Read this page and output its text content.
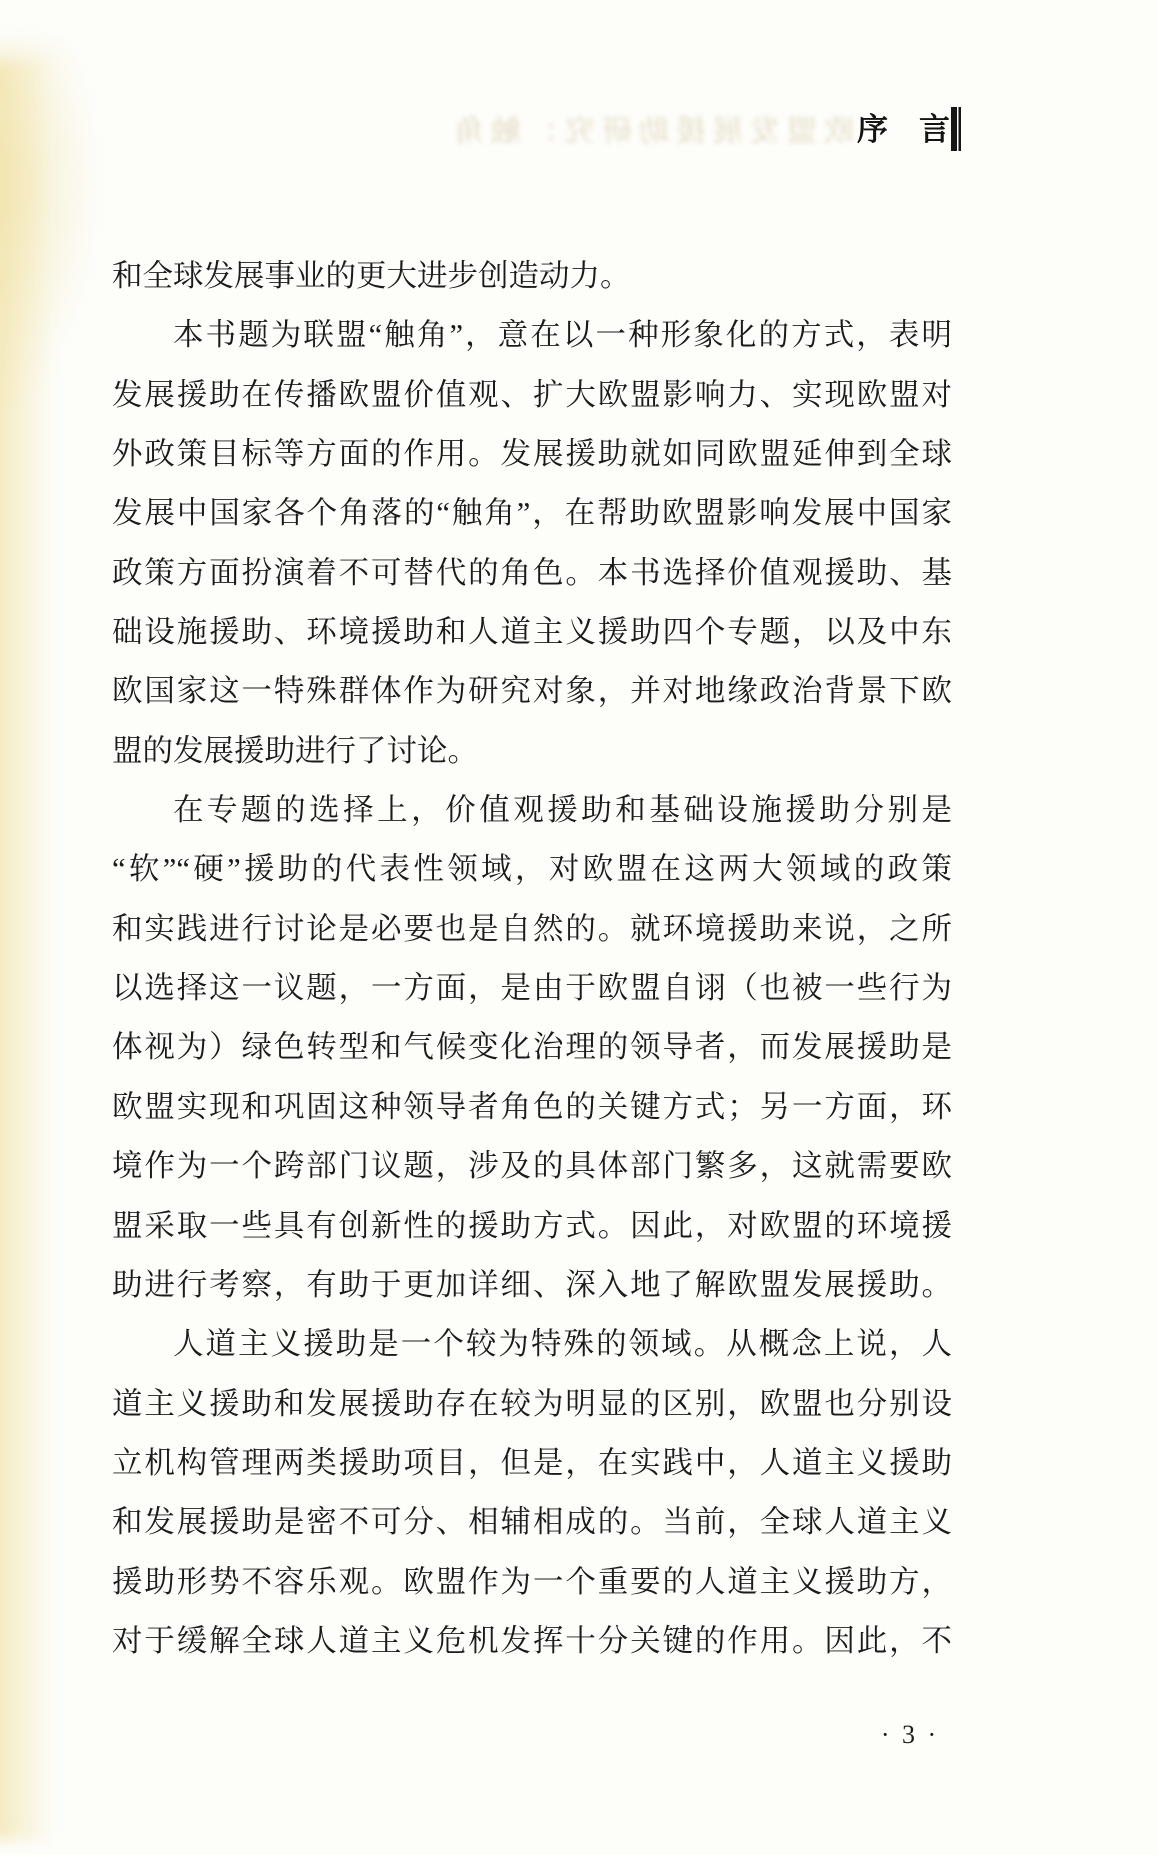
欧盟发展援助研究：触角 序　言
和全球发展事业的更大进步创造动力。
本书题为联盟“触角”，意在以一种形象化的方式，表明
发展援助在传播欧盟价值观、扩大欧盟影响力、实现欧盟对
外政策目标等方面的作用。发展援助就如同欧盟延伸到全球
发展中国家各个角落的“触角”，在帮助欧盟影响发展中国家
政策方面扮演着不可替代的角色。本书选择价值观援助、基
础设施援助、环境援助和人道主义援助四个专题，以及中东
欧国家这一特殊群体作为研究对象，并对地缘政治背景下欧
盟的发展援助进行了讨论。
在专题的选择上，价值观援助和基础设施援助分别是
“软”“硬”援助的代表性领域，对欧盟在这两大领域的政策
和实践进行讨论是必要也是自然的。就环境援助来说，之所
以选择这一议题，一方面，是由于欧盟自诩（也被一些行为
体视为）绿色转型和气候变化治理的领导者，而发展援助是
欧盟实现和巩固这种领导者角色的关键方式；另一方面，环
境作为一个跨部门议题，涉及的具体部门繁多，这就需要欧
盟采取一些具有创新性的援助方式。因此，对欧盟的环境援
助进行考察，有助于更加详细、深入地了解欧盟发展援助。
人道主义援助是一个较为特殊的领域。从概念上说，人
道主义援助和发展援助存在较为明显的区别，欧盟也分别设
立机构管理两类援助项目，但是，在实践中，人道主义援助
和发展援助是密不可分、相辅相成的。当前，全球人道主义
援助形势不容乐观。欧盟作为一个重要的人道主义援助方，
对于缓解全球人道主义危机发挥十分关键的作用。因此，不
· 3 ·
